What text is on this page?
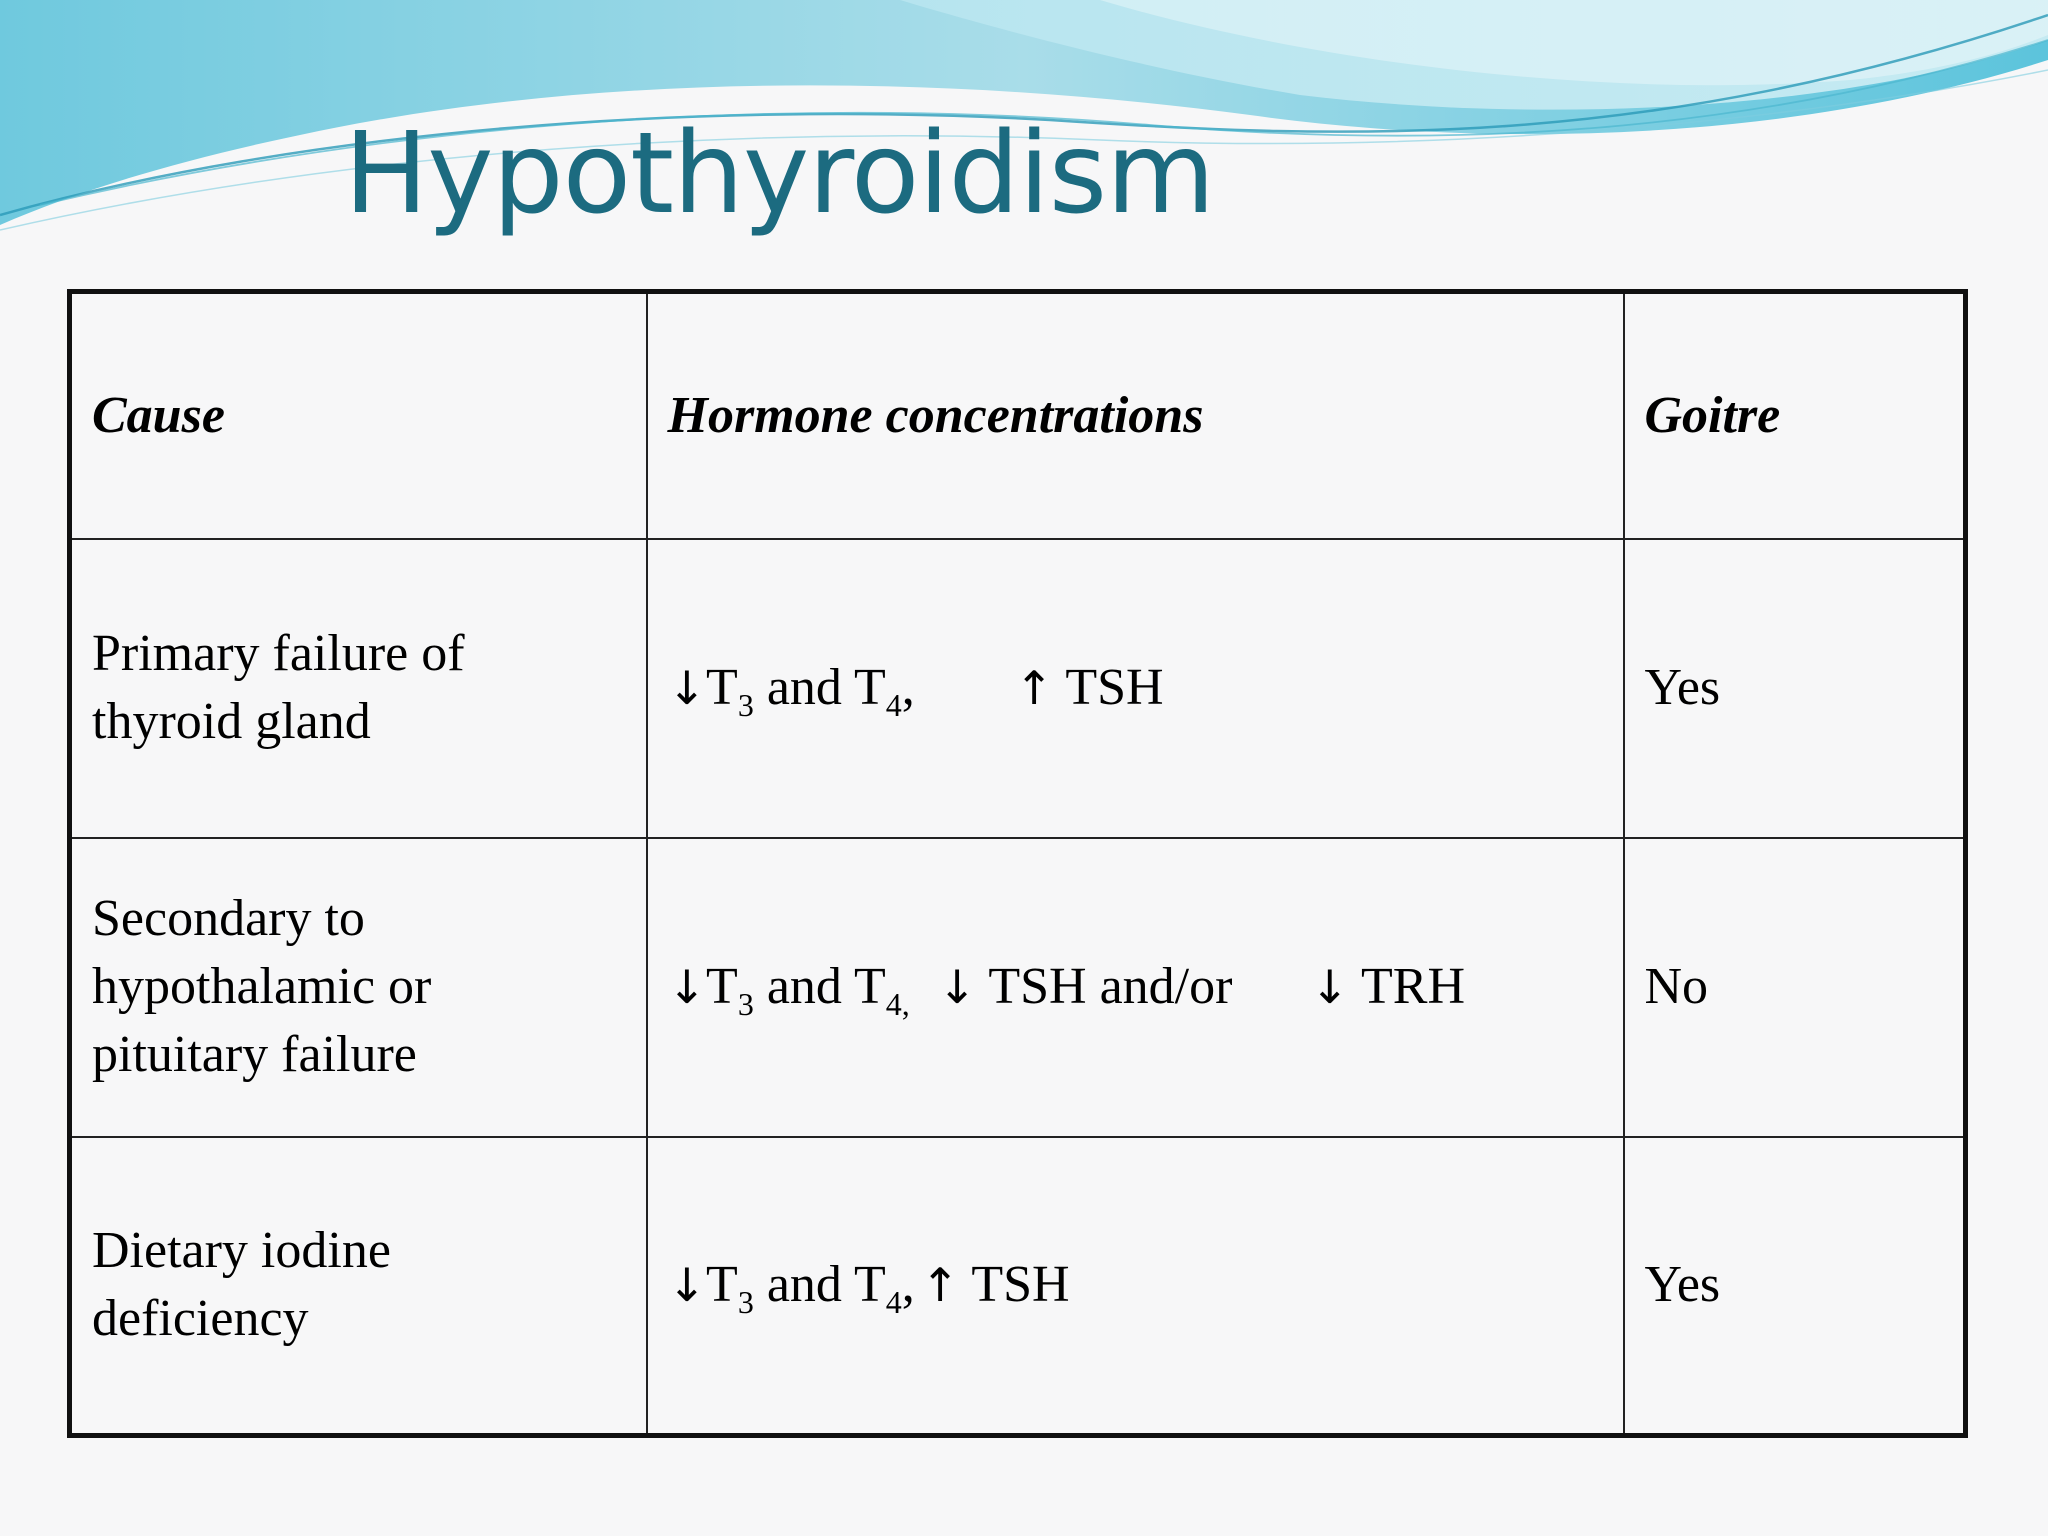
Hypothyroidism
Cause	Hormone concentrations	Goitre
Primary failure of
thyroid gland	$↓T_3$ and $T_4$, ↑ TSH	Yes
Secondary to
hypothalamic or
pituitary failure	$↓T_3$ and $T_{4,}$ ↓ TSH and/or ↓ TRH	No
Dietary iodine
deficiency	$↓T_3$ and $T_4$, ↑ TSH	Yes
